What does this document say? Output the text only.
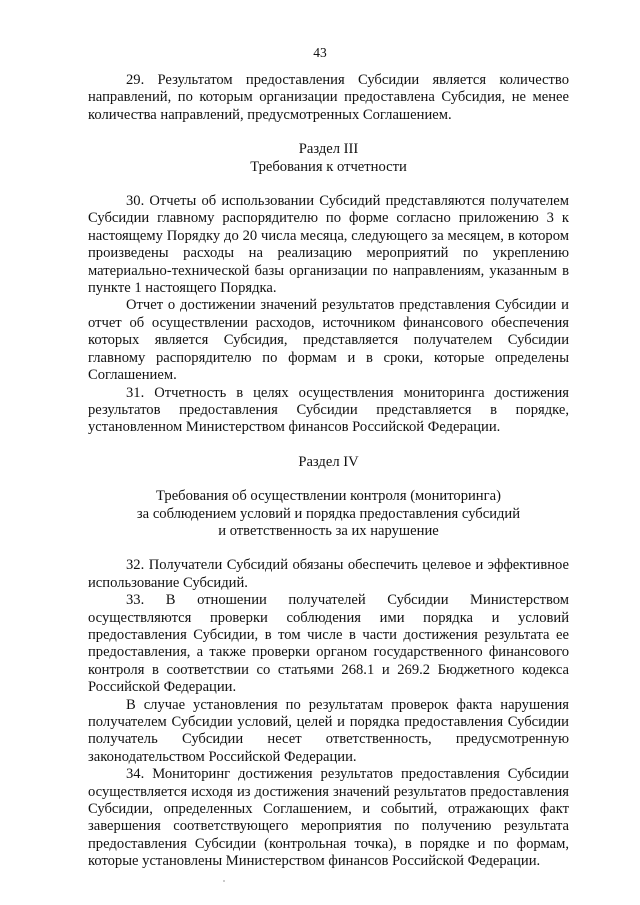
43

29. Результатом предоставления Субсидии является количество направлений, по которым организации предоставлена Субсидия, не менее количества направлений, предусмотренных Соглашением.

Раздел III

Требования к отчетности

30. Отчеты об использовании Субсидий представляются получателем Субсидии главному распорядителю по форме согласно приложению 3 к настоящему Порядку до 20 числа месяца, следующего за месяцем, в котором произведены расходы на реализацию мероприятий по укреплению материально-технической базы организации по направлениям, указанным в пункте 1 настоящего Порядка.

Отчет о достижении значений результатов представления Субсидии и отчет об осуществлении расходов, источником финансового обеспечения которых является Субсидия, представляется получателем Субсидии главному распорядителю по формам и в сроки, которые определены Соглашением.

31. Отчетность в целях осуществления мониторинга достижения результатов предоставления Субсидии представляется в порядке, установленном Министерством финансов Российской Федерации.

Раздел IV

Требования об осуществлении контроля (мониторинга)

за соблюдением условий и порядка предоставления субсидий

и ответственность за их нарушение

32. Получатели Субсидий обязаны обеспечить целевое и эффективное использование Субсидий.

33. В отношении получателей Субсидии Министерством осуществляются проверки соблюдения ими порядка и условий предоставления Субсидии, в том числе в части достижения результата ее предоставления, а также проверки органом государственного финансового контроля в соответствии со статьями 268.1 и 269.2 Бюджетного кодекса Российской Федерации.

В случае установления по результатам проверок факта нарушения получателем Субсидии условий, целей и порядка предоставления Субсидии получатель Субсидии несет ответственность, предусмотренную законодательством Российской Федерации.

34. Мониторинг достижения результатов предоставления Субсидии осуществляется исходя из достижения значений результатов предоставления Субсидии, определенных Соглашением, и событий, отражающих факт завершения соответствующего мероприятия по получению результата предоставления Субсидии (контрольная точка), в порядке и по формам, которые установлены Министерством финансов Российской Федерации.
